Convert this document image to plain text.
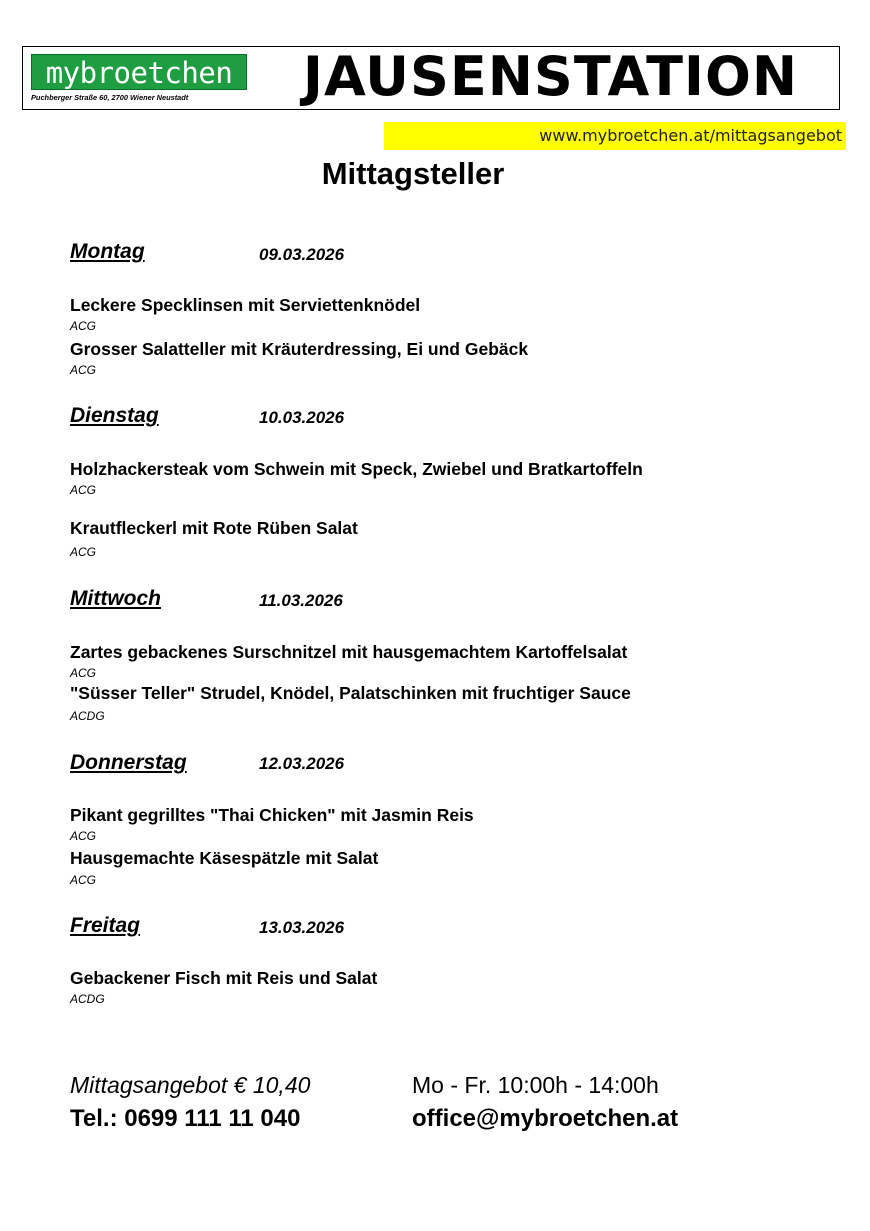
mybroetchen
Puchberger Straße 60, 2700 Wiener Neustadt	JAUSENSTATION
www.mybroetchen.at/mittagsangebot
Mittagsteller
Montag	09.03.2026
Leckere Specklinsen mit Serviettenknödel
ACG
Grosser Salatteller mit Kräuterdressing, Ei und Gebäck
ACG
Dienstag	10.03.2026
Holzhackersteak vom Schwein mit Speck, Zwiebel und Bratkartoffeln
ACG
Krautfleckerl mit Rote Rüben Salat
ACG
Mittwoch	11.03.2026
Zartes gebackenes Surschnitzel mit hausgemachtem Kartoffelsalat
ACG
"Süsser Teller" Strudel, Knödel, Palatschinken mit fruchtiger Sauce
ACDG
Donnerstag	12.03.2026
Pikant gegrilltes "Thai Chicken" mit Jasmin Reis
ACG
Hausgemachte Käsespätzle mit Salat
ACG
Freitag	13.03.2026
Gebackener Fisch mit Reis und Salat
ACDG
Mittagsangebot € 10,40	Mo - Fr. 10:00h - 14:00h
Tel.: 0699 111 11 040	office@mybroetchen.at
